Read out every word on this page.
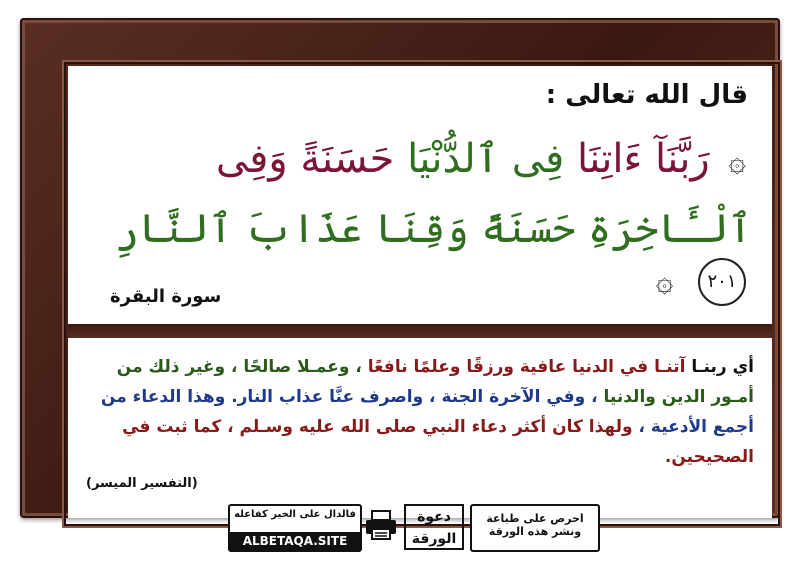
قال الله تعالى :
۞ رَبَّنَآ ءَاتِنَا فِى ٱلدُّنْيَا حَسَنَةً وَفِى
ٱلْـَٔاخِرَةِ حَسَنَةً وَقِنَا عَذَابَ ٱلنَّارِ ٢٠١ ۞
سورة البقرة
أي ربنـا آتنـا في الدنيا عافية ورزقًا وعلمًا نافعًا ، وعمـلا صالحًا ، وغير ذلك من أمـور الدين والدنيا ، وفي الآخرة الجنة ، واصرف عنَّا عذاب النار. وهذا الدعاء من أجمع الأدعية ، ولهذا كان أكثر دعاء النبي صلى الله عليه وسـلم ، كما ثبت في الصحيحين.
(التفسير الميسر)
فالدال على الخير كفاعله
ALBETAQA.SITE
دعوة الورقة
احرص على طباعة
ونشر هذه الورقة
